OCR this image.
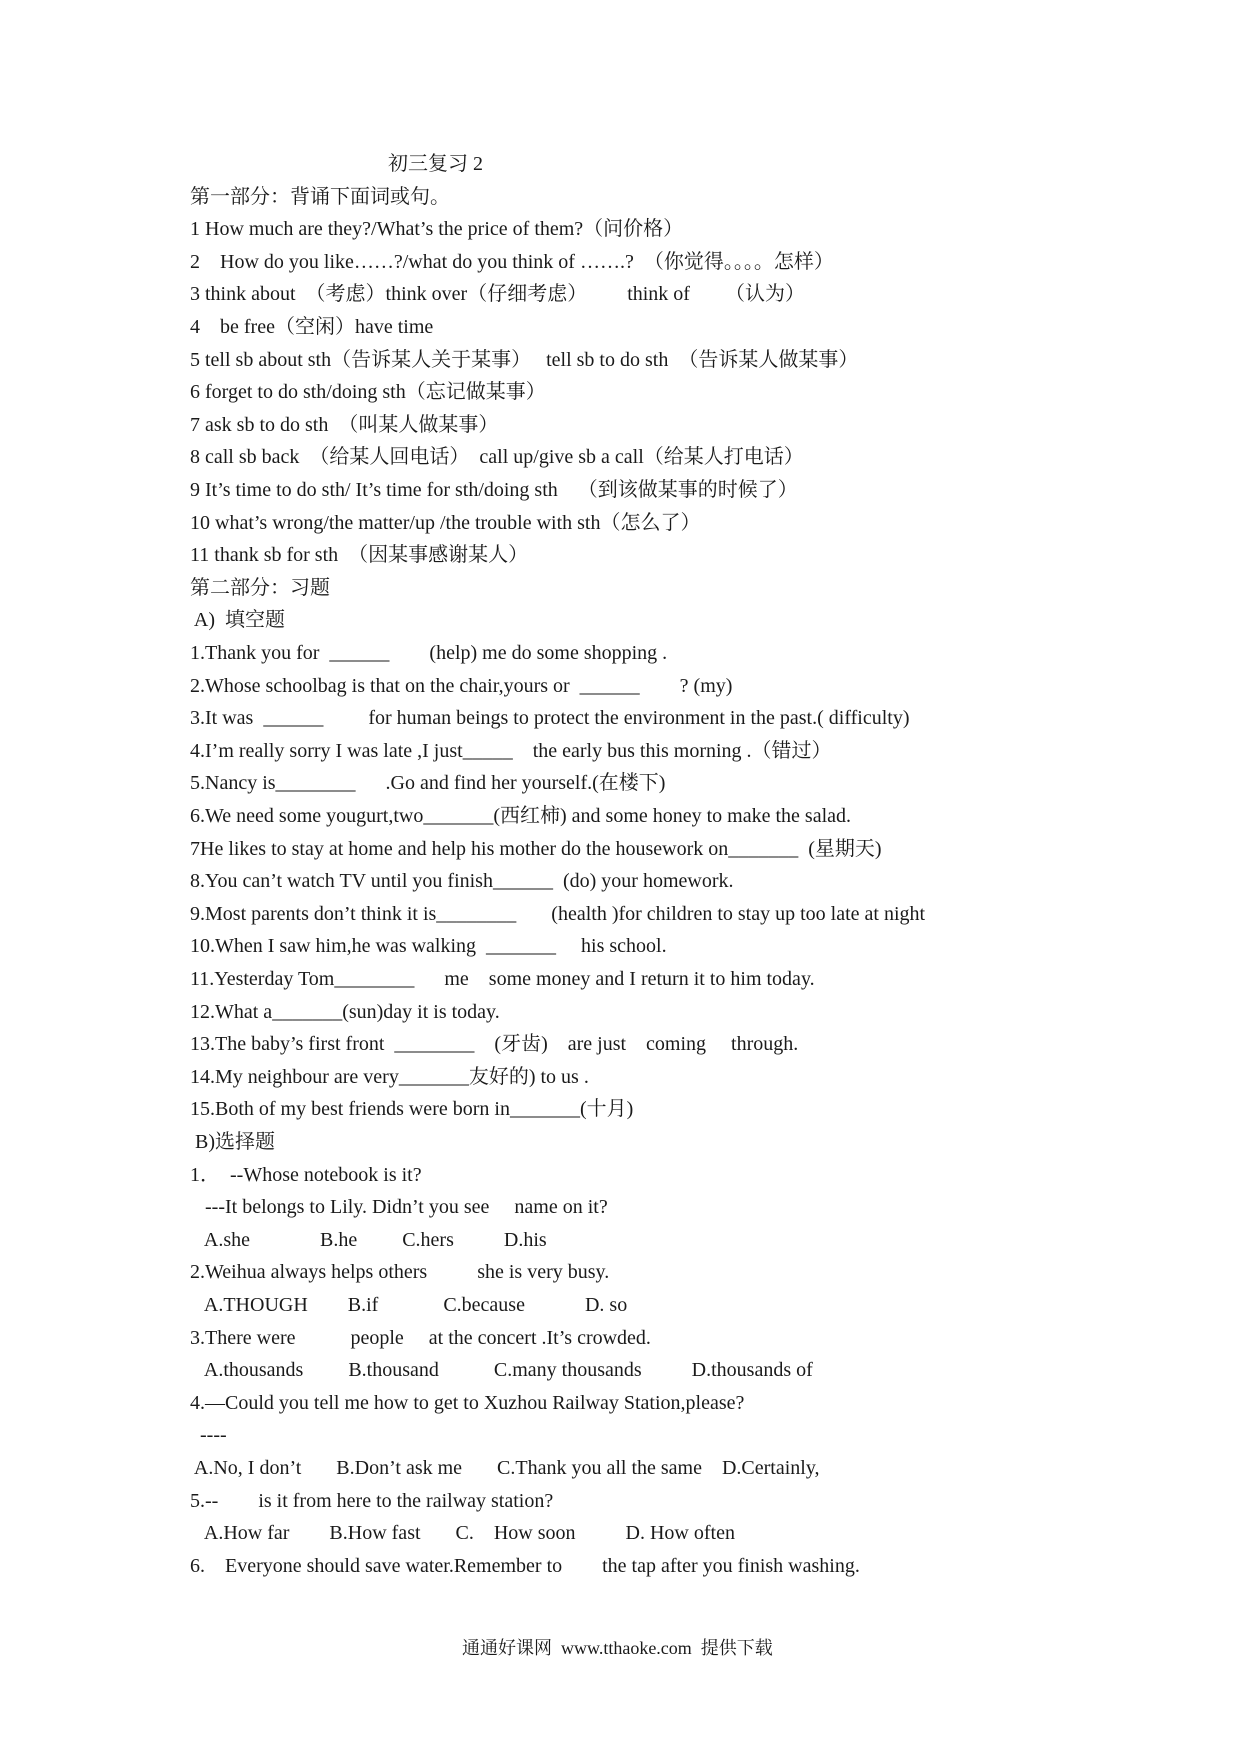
初三复习 2
第一部分：背诵下面词或句。
1 How much are they?/What’s the price of them?（问价格）
2    How do you like……?/what do you think of …….?  （你觉得。。。。怎样）
3 think about  （考虑）think over（仔细考虑）        think of       （认为）
4    be free（空闲）have time
5 tell sb about sth（告诉某人关于某事）   tell sb to do sth  （告诉某人做某事）
6 forget to do sth/doing sth（忘记做某事）
7 ask sb to do sth  （叫某人做某事）
8 call sb back  （给某人回电话）  call up/give sb a call（给某人打电话）
9 It’s time to do sth/ It’s time for sth/doing sth    （到该做某事的时候了）
10 what’s wrong/the matter/up /the trouble with sth（怎么了）
11 thank sb for sth  （因某事感谢某人）
第二部分：习题
A)  填空题
1.Thank you for  ______        (help) me do some shopping .
2.Whose schoolbag is that on the chair,yours or  ______        ? (my)
3.It was  ______         for human beings to protect the environment in the past.( difficulty)
4.I’m really sorry I was late ,I just_____    the early bus this morning .（错过）
5.Nancy is________      .Go and find her yourself.(在楼下)
6.We need some yougurt,two_______(西红柿) and some honey to make the salad.
7He likes to stay at home and help his mother do the housework on_______  (星期天)
8.You can’t watch TV until you finish______  (do) your homework.
9.Most parents don’t think it is________       (health )for children to stay up too late at night
10.When I saw him,he was walking  _______     his school.
11.Yesterday Tom________      me    some money and I return it to him today.
12.What a_______(sun)day it is today.
13.The baby’s first front  ________    (牙齿)    are just    coming     through.
14.My neighbour are very_______友好的) to us .
15.Both of my best friends were born in_______(十月)
B)选择题
1．  --Whose notebook is it?
---It belongs to Lily. Didn’t you see     name on it?
A.she              B.he         C.hers          D.his
2.Weihua always helps others          she is very busy.
A.THOUGH        B.if             C.because            D. so
3.There were           people     at the concert .It’s crowded.
A.thousands         B.thousand           C.many thousands          D.thousands of
4.—Could you tell me how to get to Xuzhou Railway Station,please?
----
A.No, I don’t       B.Don’t ask me       C.Thank you all the same    D.Certainly,
5.--        is it from here to the railway station?
A.How far        B.How fast       C.    How soon          D. How often
6.    Everyone should save water.Remember to        the tap after you finish washing.
通通好课网  www.tthaoke.com  提供下载
